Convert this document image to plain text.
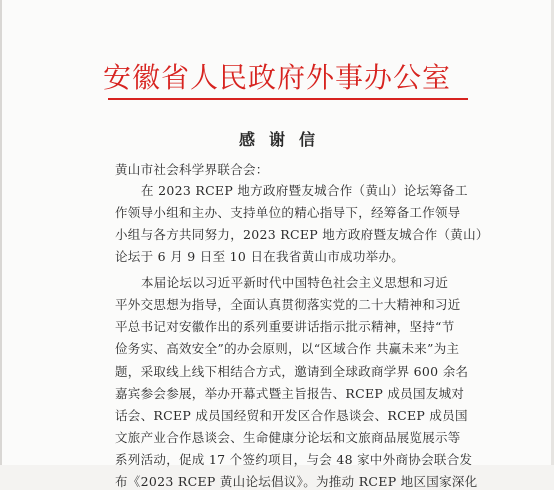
安徽省人民政府外事办公室
感谢信
黄山市社会科学界联合会：
在 2023 RCEP 地方政府暨友城合作（黄山）论坛筹备工
作领导小组和主办、支持单位的精心指导下，经筹备工作领导
小组与各方共同努力，2023 RCEP 地方政府暨友城合作（黄山）
论坛于 6 月 9 日至 10 日在我省黄山市成功举办。
本届论坛以习近平新时代中国特色社会主义思想和习近
平外交思想为指导，全面认真贯彻落实党的二十大精神和习近
平总书记对安徽作出的系列重要讲话指示批示精神，坚持“节
俭务实、高效安全”的办会原则，以“区域合作 共赢未来”为主
题，采取线上线下相结合方式，邀请到全球政商学界 600 余名
嘉宾参会参展，举办开幕式暨主旨报告、RCEP 成员国友城对
话会、RCEP 成员国经贸和开发区合作恳谈会、RCEP 成员国
文旅产业合作恳谈会、生命健康分论坛和文旅商品展览展示等
系列活动，促成 17 个签约项目，与会 48 家中外商协会联合发
布《2023 RCEP 黄山论坛倡议》。为推动 RCEP 地区国家深化
